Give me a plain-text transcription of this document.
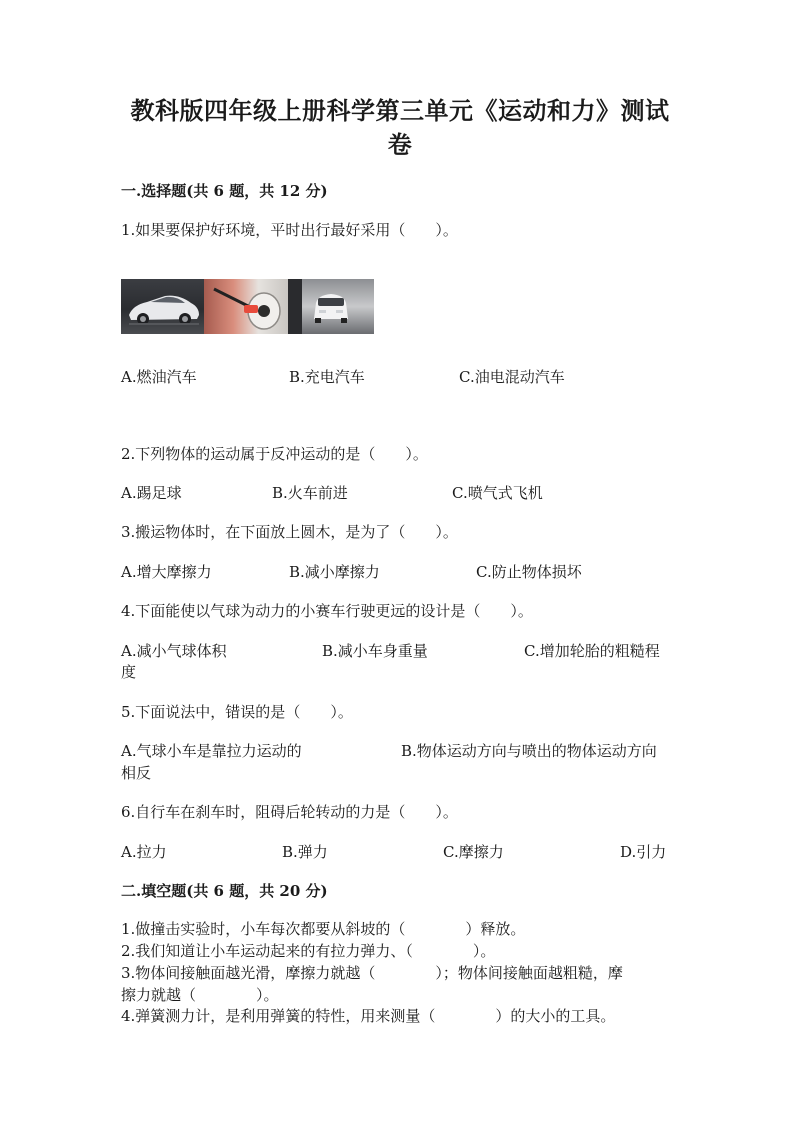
教科版四年级上册科学第三单元《运动和力》测试
卷
一.选择题(共 6 题，共 12 分)
1.如果要保护好环境，平时出行最好采用（　　）。
A.燃油汽车	B.充电汽车	C.油电混动汽车
2.下列物体的运动属于反冲运动的是（　　）。
A.踢足球	B.火车前进	C.喷气式飞机
3.搬运物体时，在下面放上圆木，是为了（　　）。
A.增大摩擦力	B.减小摩擦力	C.防止物体损坏
4.下面能使以气球为动力的小赛车行驶更远的设计是（　　）。
A.减小气球体积	B.减小车身重量	C.增加轮胎的粗糙程
度
5.下面说法中，错误的是（　　）。
A.气球小车是靠拉力运动的	B.物体运动方向与喷出的物体运动方向
相反
6.自行车在刹车时，阻碍后轮转动的力是（　　）。
A.拉力	B.弹力	C.摩擦力	D.引力
二.填空题(共 6 题，共 20 分)
1.做撞击实验时，小车每次都要从斜坡的（　　　　）释放。
2.我们知道让小车运动起来的有拉力弹力、（　　　　）。
3.物体间接触面越光滑，摩擦力就越（　　　　）；物体间接触面越粗糙，摩
擦力就越（　　　　）。
4.弹簧测力计，是利用弹簧的特性，用来测量（　　　　）的大小的工具。
